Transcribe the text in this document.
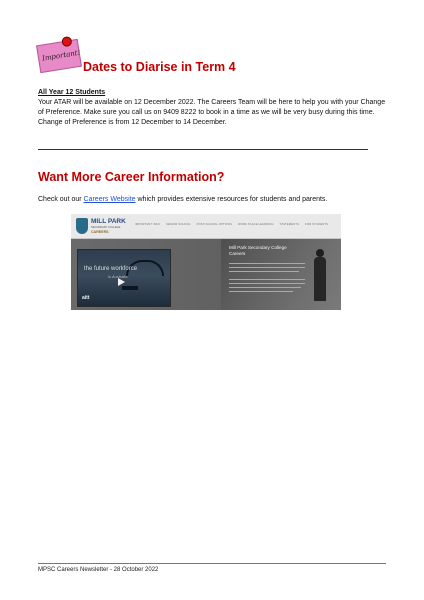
Important!
Dates to Diarise in Term 4
All Year 12 Students
Your ATAR will be available on 12 December 2022. The Careers Team will be here to help you with your Change of Preference. Make sure you call us on 9409 8222 to book in a time as we will be very busy during this time. Change of Preference is from 12 December to 14 December.
Want More Career Information?
Check out our Careers Website which provides extensive resources for students and parents.
MILL PARK
SECONDARY COLLEGE
CAREERS
IMPORTANT INFO SENIOR SCHOOL POST-SCHOOL OPTIONS WORK PLACE LEARNING STATEMENTS FOR STUDENTS
the future workforce
is Australia
aitt
Mill Park Secondary College
Careers
MPSC Careers Newsletter - 28 October 2022
